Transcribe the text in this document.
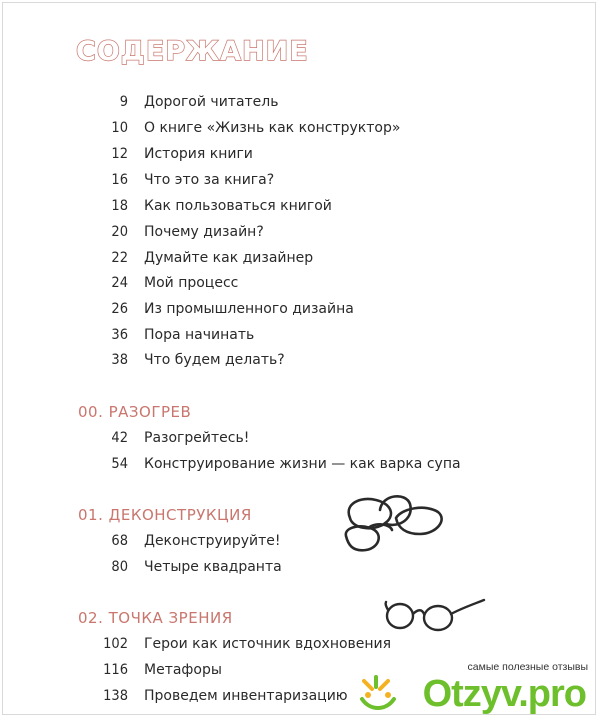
СОДЕРЖАНИЕ
9 Дорогой читатель
10 О книге «Жизнь как конструктор»
12 История книги
16 Что это за книга?
18 Как пользоваться книгой
20 Почему дизайн?
22 Думайте как дизайнер
24 Мой процесс
26 Из промышленного дизайна
36 Пора начинать
38 Что будем делать?
00. РАЗОГРЕВ
42 Разогрейтесь!
54 Конструирование жизни — как варка супа
01. ДЕКОНСТРУКЦИЯ
68 Деконструируйте!
80 Четыре квадранта
02. ТОЧКА ЗРЕНИЯ
102 Герои как источник вдохновения
116 Метафоры
138 Проведем инвентаризацию
самые полезные отзывы
Otzyv.pro
